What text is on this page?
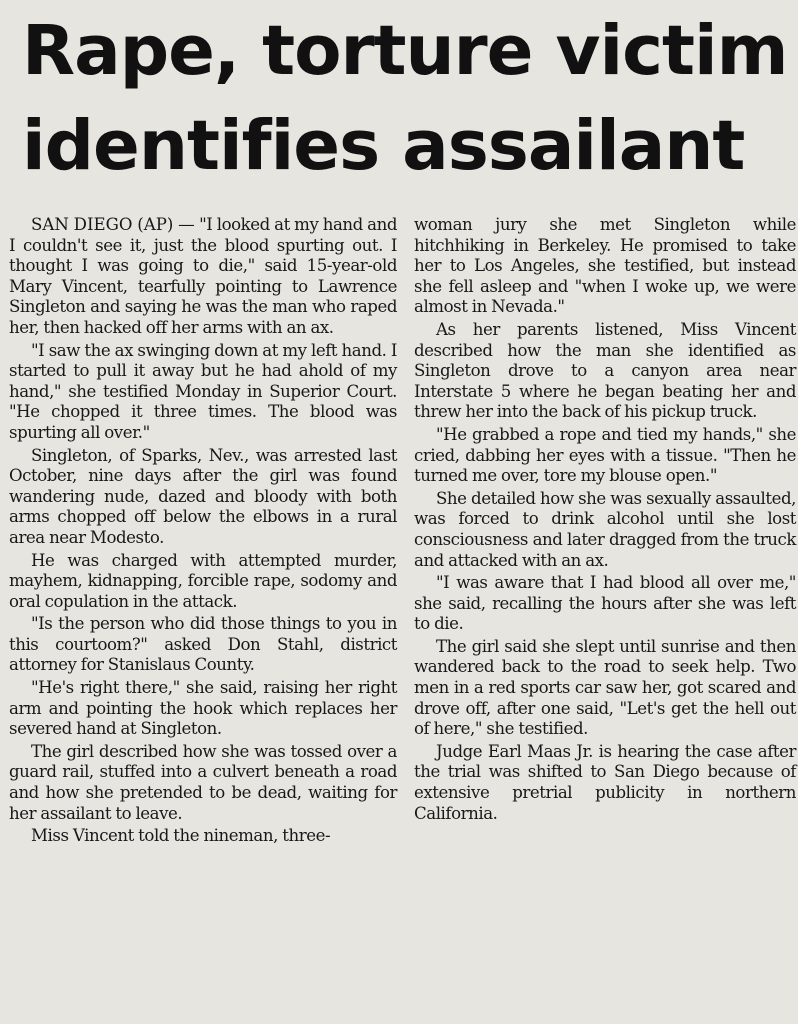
Rape, torture victim
identifies assailant

SAN DIEGO (AP) — "I looked at my hand and I couldn't see it, just the blood spurting out. I thought I was going to die," said 15-year-old Mary Vincent, tearfully pointing to Lawrence Singleton and saying he was the man who raped her, then hacked off her arms with an ax.

"I saw the ax swinging down at my left hand. I started to pull it away but he had ahold of my hand," she testified Monday in Superior Court. "He chopped it three times. The blood was spurting all over."

Singleton, of Sparks, Nev., was arrested last October, nine days after the girl was found wandering nude, dazed and bloody with both arms chopped off below the elbows in a rural area near Modesto.

He was charged with attempted murder, mayhem, kidnapping, forcible rape, sodomy and oral copulation in the attack.

"Is the person who did those things to you in this courtoom?" asked Don Stahl, district attorney for Stanislaus County.

"He's right there," she said, raising her right arm and pointing the hook which replaces her severed hand at Singleton.

The girl described how she was tossed over a guard rail, stuffed into a culvert beneath a road and how she pretended to be dead, waiting for her assailant to leave.

Miss Vincent told the nineman, three-

woman jury she met Singleton while hitchhiking in Berkeley. He promised to take her to Los Angeles, she testified, but instead she fell asleep and "when I woke up, we were almost in Nevada."

As her parents listened, Miss Vincent described how the man she identified as Singleton drove to a canyon area near Interstate 5 where he began beating her and threw her into the back of his pickup truck.

"He grabbed a rope and tied my hands," she cried, dabbing her eyes with a tissue. "Then he turned me over, tore my blouse open."

She detailed how she was sexually assaulted, was forced to drink alcohol until she lost consciousness and later dragged from the truck and attacked with an ax.

"I was aware that I had blood all over me," she said, recalling the hours after she was left to die.

The girl said she slept until sunrise and then wandered back to the road to seek help. Two men in a red sports car saw her, got scared and drove off, after one said, "Let's get the hell out of here," she testified.

Judge Earl Maas Jr. is hearing the case after the trial was shifted to San Diego because of extensive pretrial publicity in northern California.
